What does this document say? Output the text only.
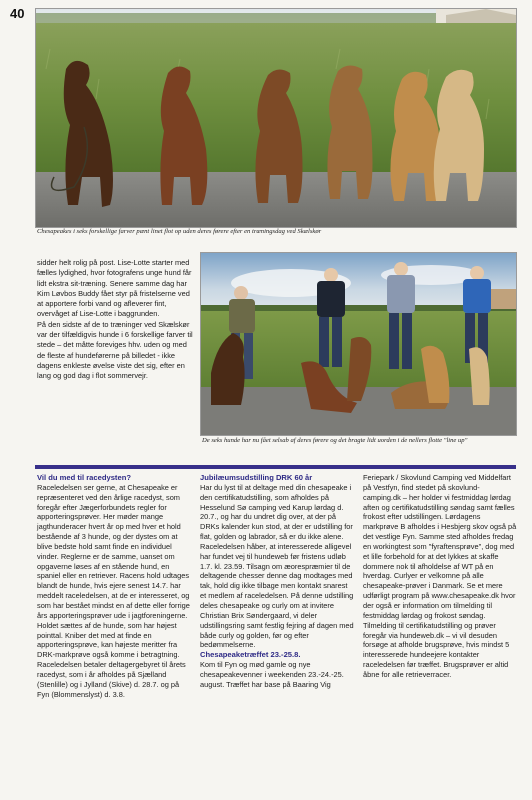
40
Chesapeakes i seks forskellige farver pænt linet flot op uden deres førere efter en træningsdag ved Skælskør

sidder helt rolig på post. Lise-Lotte starter med fælles lydighed, hvor fotografens unge hund får lidt ekstra sit-træning. Senere samme dag har Kim Løvbos Buddy fået styr på fristelserne ved at apportere forbi vand og afleverer fint, overvåget af Lise-Lotte i baggrunden.

På den sidste af de to træninger ved Skælskør var der tilfældigvis hunde i 6 forskellige farver til stede – det måtte foreviges hhv. uden og med de fleste af hundeførerne på billedet - ikke dagens enkleste øvelse viste det sig, efter en lang og god dag i flot sommervejr.

De seks hunde har nu fået selsab af deres førere og det bragte lidt uorden i de nellers flotte "line up"

Vil du med til racedysten?

Raceledelsen ser gerne, at Chesapeake er repræsenteret ved den årlige racedyst, som foregår efter Jægerforbundets regler for apporteringsprøver. Her møder mange jagthunderacer hvert år op med hver et hold bestående af 3 hunde, og der dystes om at blive bedste hold samt finde en individuel vinder. Reglerne er de samme, uanset om opgaverne løses af en stående hund, en spaniel eller en retriever. Racens hold udtages blandt de hunde, hvis ejere senest 14.7. har meddelt raceledelsen, at de er interesseret, og som har bestået mindst en af dette eller forrige års apporteringsprøver ude i jagtforeningerne. Holdet sættes af de hunde, som har højest pointtal. Kniber det med at finde en apporteringsprøve, kan højeste meritter fra DRK-markprøve også komme i betragtning. Raceledelsen betaler deltagergebyret til årets racedyst, som i år afholdes på Sjælland (Stenlille) og i Jylland (Skive) d. 28.7. og på Fyn (Blommenslyst) d. 3.8.

Jubilæumsudstilling DRK 60 år

Har du lyst til at deltage med din chesapeake i den certifikatudstilling, som afholdes på Hesselund Sø camping ved Karup lørdag d. 20.7., og har du undret dig over, at der på DRKs kalender kun stod, at der er udstilling for flat, golden og labrador, så er du ikke alene. Raceledelsen håber, at interesserede alligevel har fundet vej til hundeweb før fristens udløb 1.7. kl. 23.59. Tilsagn om æorespræmier til de deltagende chesser denne dag modtages med tak, hold dig ikke tilbage men kontakt snarest et medlem af raceledelsen. På denne udstilling deles chesapeake og curly om at invitere Christian Brix Søndergaard, vi deler udstillingsring samt festlig fejring af dagen med både curly og golden, før og efter bedømmelserne.

Chesapeaketræffet 23.-25.8.

Kom til Fyn og mød gamle og nye chesapeakevenner i weekenden 23.-24.-25. august. Træffet har base på Baaring Vig

Feriepark / Skovlund Camping ved Middelfart på Vestfyn, find stedet på skovlund-camping.dk – her holder vi festmiddag lørdag aften og certifikatudstilling søndag samt fælles frokost efter udstillingen. Lørdagens markprøve B afholdes i Hesbjerg skov også på det vestlige Fyn. Samme sted afholdes fredag en workingtest som "fyraftensprøve", dog med et lille forbehold for at det lykkes at skaffe dommere nok til afholdelse af WT på en hverdag. Curlyer er velkomne på alle chesapeake-prøver i Danmark. Se et mere udførligt program på www.chesapeake.dk hvor der også er information om tilmelding til festmiddag lørdag og frokost søndag. Tilmelding til certifikatudstilling og prøver foregår via hundeweb.dk – vi vil desuden forsøge at afholde brugsprøve, hvis mindst 5 interesserede hundeejere kontakter raceledelsen før træffet. Brugsprøver er altid åbne for alle retrieverracer.
